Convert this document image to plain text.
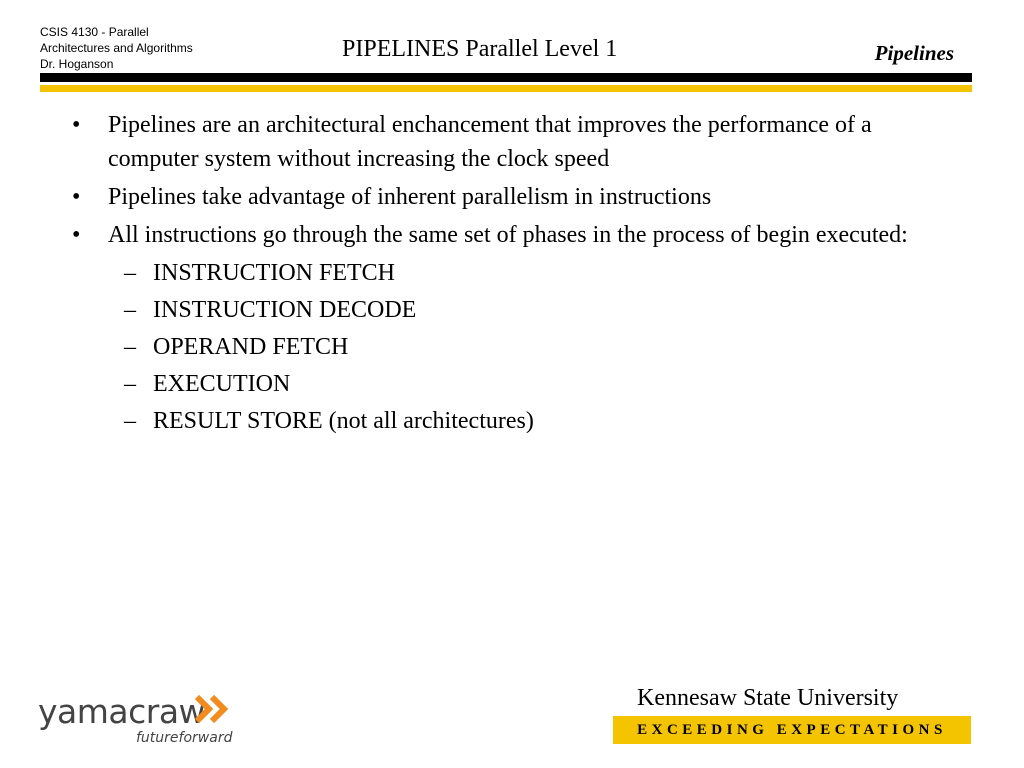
CSIS 4130 - Parallel
Architectures and Algorithms
Dr. Hoganson
PIPELINES Parallel Level 1	Pipelines
• Pipelines are an architectural enchancement that improves the performance of a computer system without increasing the clock speed
• Pipelines take advantage of inherent parallelism in instructions
• All instructions go through the same set of phases in the process of begin executed:
– INSTRUCTION FETCH
– INSTRUCTION DECODE
– OPERAND FETCH
– EXECUTION
– RESULT STORE (not all architectures)
yamacraw
futureforward
Kennesaw State University
EXCEEDING EXPECTATIONS
